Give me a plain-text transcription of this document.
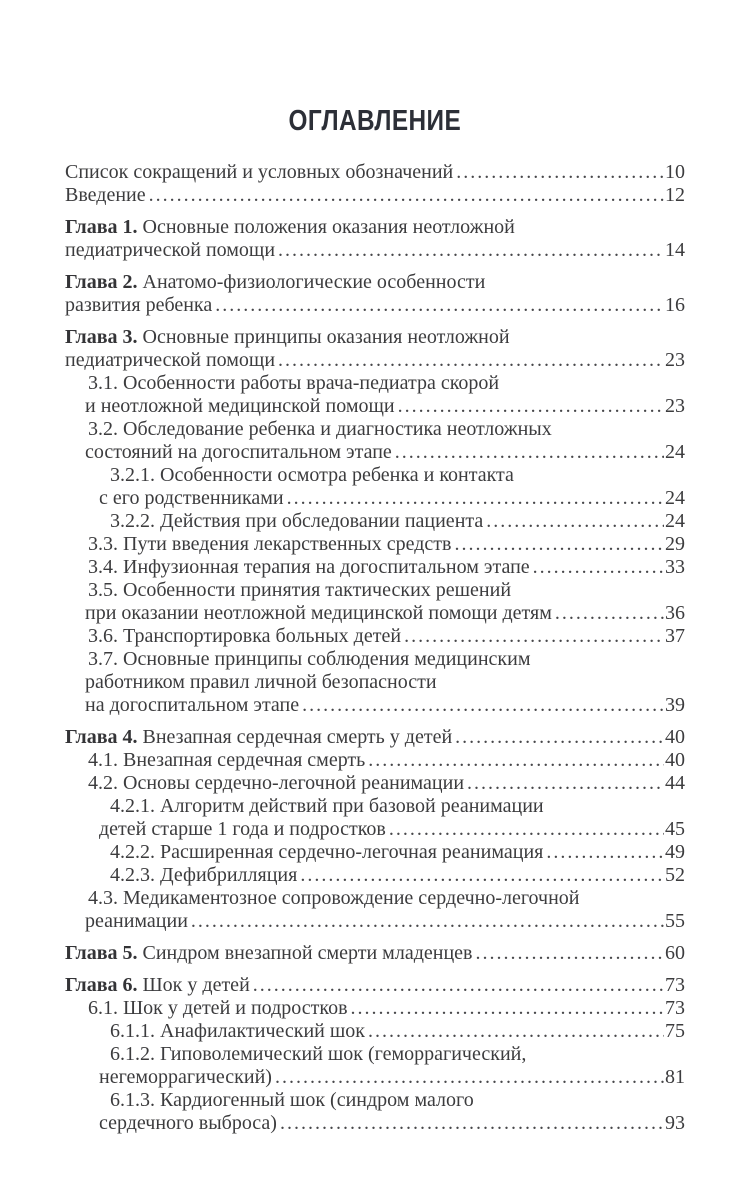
ОГЛАВЛЕНИЕ
Список сокращений и условных обозначений .....	10
Введение .....	12
Глава 1. Основные положения оказания неотложной
педиатрической помощи .....	14
Глава 2. Анатомо-физиологические особенности
развития ребенка .....	16
Глава 3. Основные принципы оказания неотложной
педиатрической помощи .....	23
3.1. Особенности работы врача-педиатра скорой
и неотложной медицинской помощи .....	23
3.2. Обследование ребенка и диагностика неотложных
состояний на догоспитальном этапе .....	24
3.2.1. Особенности осмотра ребенка и контакта
с его родственниками .....	24
3.2.2. Действия при обследовании пациента .....	24
3.3. Пути введения лекарственных средств .....	29
3.4. Инфузионная терапия на догоспитальном этапе .....	33
3.5. Особенности принятия тактических решений
при оказании неотложной медицинской помощи детям .....	36
3.6. Транспортировка больных детей .....	37
3.7. Основные принципы соблюдения медицинским
работником правил личной безопасности
на догоспитальном этапе .....	39
Глава 4. Внезапная сердечная смерть у детей .....	40
4.1. Внезапная сердечная смерть .....	40
4.2. Основы сердечно-легочной реанимации .....	44
4.2.1. Алгоритм действий при базовой реанимации
детей старше 1 года и подростков .....	45
4.2.2. Расширенная сердечно-легочная реанимация .....	49
4.2.3. Дефибрилляция .....	52
4.3. Медикаментозное сопровождение сердечно-легочной
реанимации .....	55
Глава 5. Синдром внезапной смерти младенцев .....	60
Глава 6. Шок у детей .....	73
6.1. Шок у детей и подростков .....	73
6.1.1. Анафилактический шок .....	75
6.1.2. Гиповолемический шок (геморрагический,
негеморрагический) .....	81
6.1.3. Кардиогенный шок (синдром малого
сердечного выброса) .....	93
